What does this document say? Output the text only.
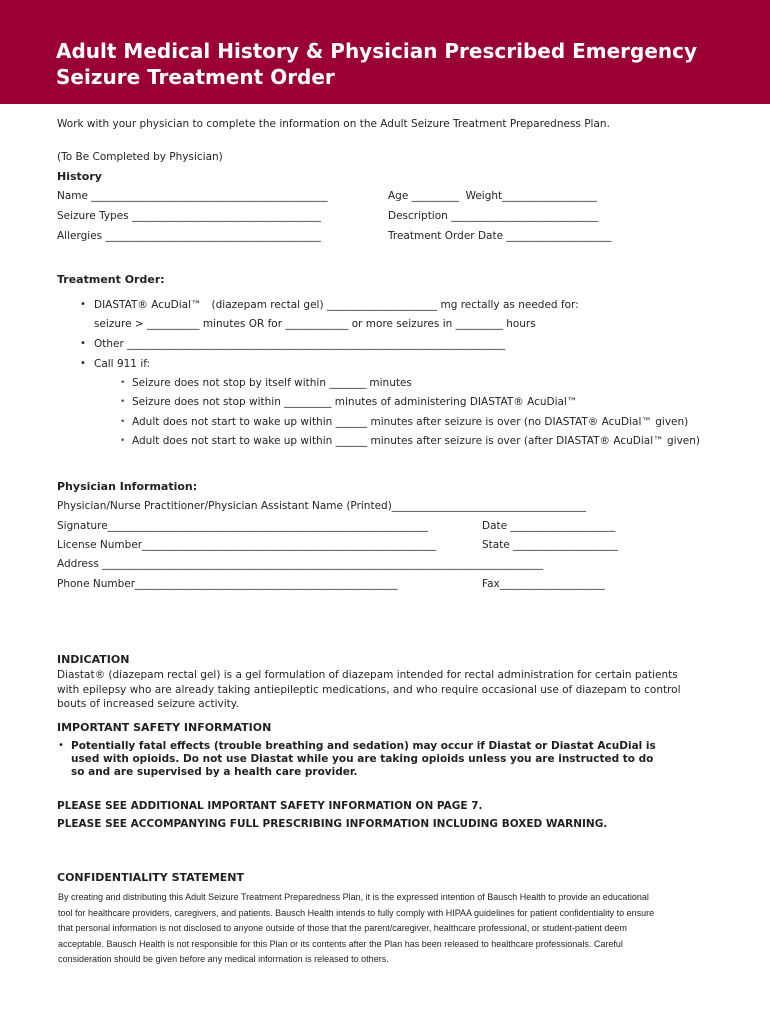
Adult Medical History & Physician Prescribed Emergency
Seizure Treatment Order
Work with your physician to complete the information on the Adult Seizure Treatment Preparedness Plan.
(To Be Completed by Physician)
History
Name _____________________________________________	Age _________  Weight__________________
Seizure Types ____________________________________	Description ____________________________
Allergies _________________________________________	Treatment Order Date ____________________
Treatment Order:
• DIASTAT® AcuDial™   (diazepam rectal gel) _____________________ mg rectally as needed for:
seizure > __________ minutes OR for ____________ or more seizures in _________ hours
• Other ________________________________________________________________________
• Call 911 if:
• Seizure does not stop by itself within _______ minutes
• Seizure does not stop within _________ minutes of administering DIASTAT® AcuDial™
• Adult does not start to wake up within ______ minutes after seizure is over (no DIASTAT® AcuDial™ given)
• Adult does not start to wake up within ______ minutes after seizure is over (after DIASTAT® AcuDial™ given)
Physician Information:
Physician/Nurse Practitioner/Physician Assistant Name (Printed)_____________________________________
Signature_____________________________________________________________	Date ____________________
License Number________________________________________________________	State ____________________
Address ____________________________________________________________________________________
Phone Number__________________________________________________	Fax____________________
INDICATION
Diastat® (diazepam rectal gel) is a gel formulation of diazepam intended for rectal administration for certain patients
with epilepsy who are already taking antiepileptic medications, and who require occasional use of diazepam to control
bouts of increased seizure activity.
IMPORTANT SAFETY INFORMATION
• Potentially fatal effects (trouble breathing and sedation) may occur if Diastat or Diastat AcuDial is
used with opioids. Do not use Diastat while you are taking opioids unless you are instructed to do
so and are supervised by a health care provider.
PLEASE SEE ADDITIONAL IMPORTANT SAFETY INFORMATION ON PAGE 7.
PLEASE SEE ACCOMPANYING FULL PRESCRIBING INFORMATION INCLUDING BOXED WARNING.
CONFIDENTIALITY STATEMENT
By creating and distributing this Adult Seizure Treatment Preparedness Plan, it is the expressed intention of Bausch Health to provide an educational
tool for healthcare providers, caregivers, and patients. Bausch Health intends to fully comply with HIPAA guidelines for patient confidentiality to ensure
that personal information is not disclosed to anyone outside of those that the parent/caregiver, healthcare professional, or student-patient deem
acceptable. Bausch Health is not responsible for this Plan or its contents after the Plan has been released to healthcare professionals. Careful
consideration should be given before any medical information is released to others.
